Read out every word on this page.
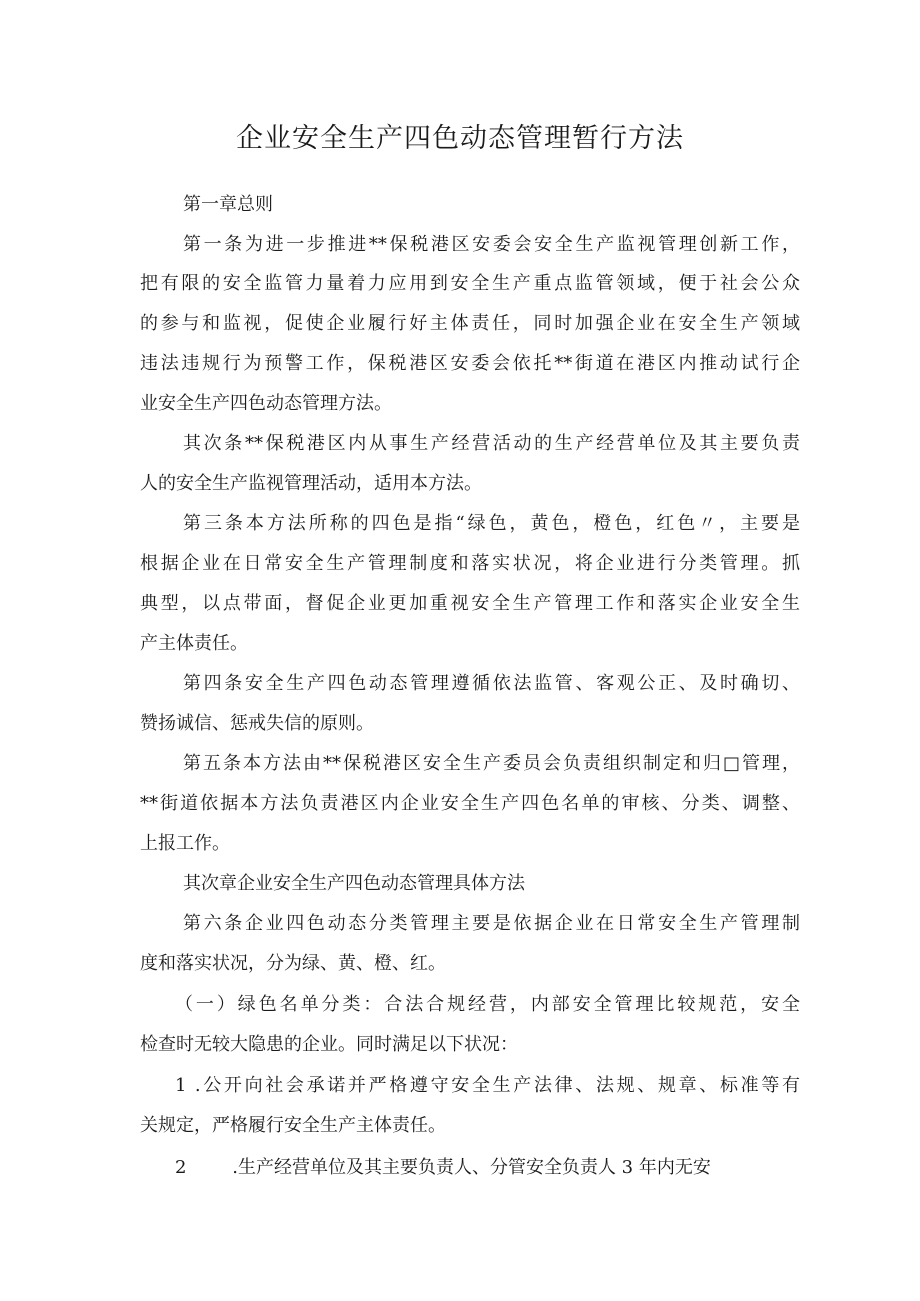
企业安全生产四色动态管理暂行方法
第一章总则
第一条为进一步推进**保税港区安委会安全生产监视管理创新工作，
把有限的安全监管力量着力应用到安全生产重点监管领域，便于社会公众
的参与和监视，促使企业履行好主体责任，同时加强企业在安全生产领域
违法违规行为预警工作，保税港区安委会依托**街道在港区内推动试行企
业安全生产四色动态管理方法。
其次条**保税港区内从事生产经营活动的生产经营单位及其主要负责
人的安全生产监视管理活动，适用本方法。
第三条本方法所称的四色是指“绿色，黄色，橙色，红色〃，主要是
根据企业在日常安全生产管理制度和落实状况，将企业进行分类管理。抓
典型，以点带面，督促企业更加重视安全生产管理工作和落实企业安全生
产主体责任。
第四条安全生产四色动态管理遵循依法监管、客观公正、及时确切、
赞扬诚信、惩戒失信的原则。
第五条本方法由**保税港区安全生产委员会负责组织制定和归□管理，
**街道依据本方法负责港区内企业安全生产四色名单的审核、分类、调整、
上报工作。
其次章企业安全生产四色动态管理具体方法
第六条企业四色动态分类管理主要是依据企业在日常安全生产管理制
度和落实状况，分为绿、黄、橙、红。
（一）绿色名单分类：合法合规经营，内部安全管理比较规范，安全
检查时无较大隐患的企业。同时满足以下状况：
1 .公开向社会承诺并严格遵守安全生产法律、法规、规章、标准等有
关规定，严格履行安全生产主体责任。
2        .生产经营单位及其主要负责人、分管安全负责人 3 年内无安
